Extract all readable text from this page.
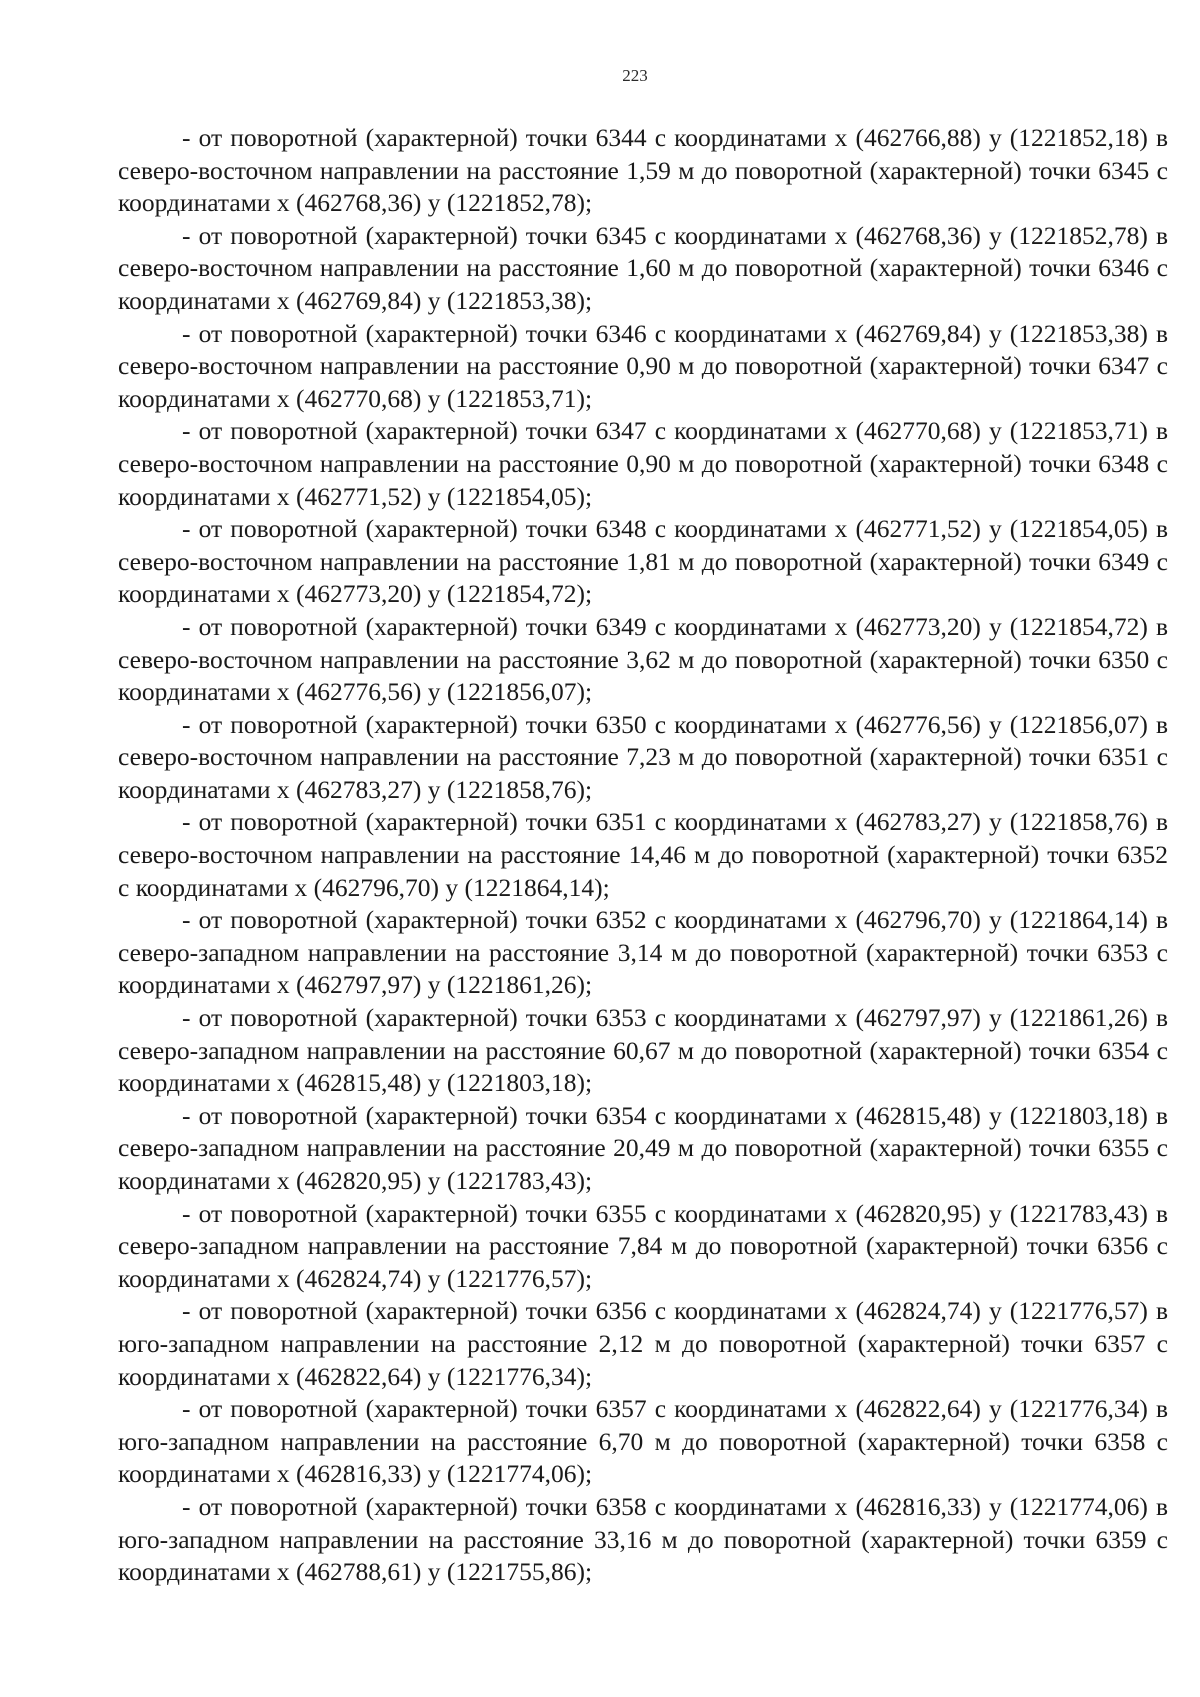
223

- от поворотной (характерной) точки 6344 с координатами x (462766,88) y (1221852,18) в северо-восточном направлении на расстояние 1,59 м до поворотной (характерной) точки 6345 с координатами x (462768,36) y (1221852,78);

- от поворотной (характерной) точки 6345 с координатами x (462768,36) y (1221852,78) в северо-восточном направлении на расстояние 1,60 м до поворотной (характерной) точки 6346 с координатами x (462769,84) y (1221853,38);

- от поворотной (характерной) точки 6346 с координатами x (462769,84) y (1221853,38) в северо-восточном направлении на расстояние 0,90 м до поворотной (характерной) точки 6347 с координатами x (462770,68) y (1221853,71);

- от поворотной (характерной) точки 6347 с координатами x (462770,68) y (1221853,71) в северо-восточном направлении на расстояние 0,90 м до поворотной (характерной) точки 6348 с координатами x (462771,52) y (1221854,05);

- от поворотной (характерной) точки 6348 с координатами x (462771,52) y (1221854,05) в северо-восточном направлении на расстояние 1,81 м до поворотной (характерной) точки 6349 с координатами x (462773,20) y (1221854,72);

- от поворотной (характерной) точки 6349 с координатами x (462773,20) y (1221854,72) в северо-восточном направлении на расстояние 3,62 м до поворотной (характерной) точки 6350 с координатами x (462776,56) y (1221856,07);

- от поворотной (характерной) точки 6350 с координатами x (462776,56) y (1221856,07) в северо-восточном направлении на расстояние 7,23 м до поворотной (характерной) точки 6351 с координатами x (462783,27) y (1221858,76);

- от поворотной (характерной) точки 6351 с координатами x (462783,27) y (1221858,76) в северо-восточном направлении на расстояние 14,46 м до поворотной (характерной) точки 6352 с координатами x (462796,70) y (1221864,14);

- от поворотной (характерной) точки 6352 с координатами x (462796,70) y (1221864,14) в северо-западном направлении на расстояние 3,14 м до поворотной (характерной) точки 6353 с координатами x (462797,97) y (1221861,26);

- от поворотной (характерной) точки 6353 с координатами x (462797,97) y (1221861,26) в северо-западном направлении на расстояние 60,67 м до поворотной (характерной) точки 6354 с координатами x (462815,48) y (1221803,18);

- от поворотной (характерной) точки 6354 с координатами x (462815,48) y (1221803,18) в северо-западном направлении на расстояние 20,49 м до поворотной (характерной) точки 6355 с координатами x (462820,95) y (1221783,43);

- от поворотной (характерной) точки 6355 с координатами x (462820,95) y (1221783,43) в северо-западном направлении на расстояние 7,84 м до поворотной (характерной) точки 6356 с координатами x (462824,74) y (1221776,57);

- от поворотной (характерной) точки 6356 с координатами x (462824,74) y (1221776,57) в юго-западном направлении на расстояние 2,12 м до поворотной (характерной) точки 6357 с координатами x (462822,64) y (1221776,34);

- от поворотной (характерной) точки 6357 с координатами x (462822,64) y (1221776,34) в юго-западном направлении на расстояние 6,70 м до поворотной (характерной) точки 6358 с координатами x (462816,33) y (1221774,06);

- от поворотной (характерной) точки 6358 с координатами x (462816,33) y (1221774,06) в юго-западном направлении на расстояние 33,16 м до поворотной (характерной) точки 6359 с координатами x (462788,61) y (1221755,86);
